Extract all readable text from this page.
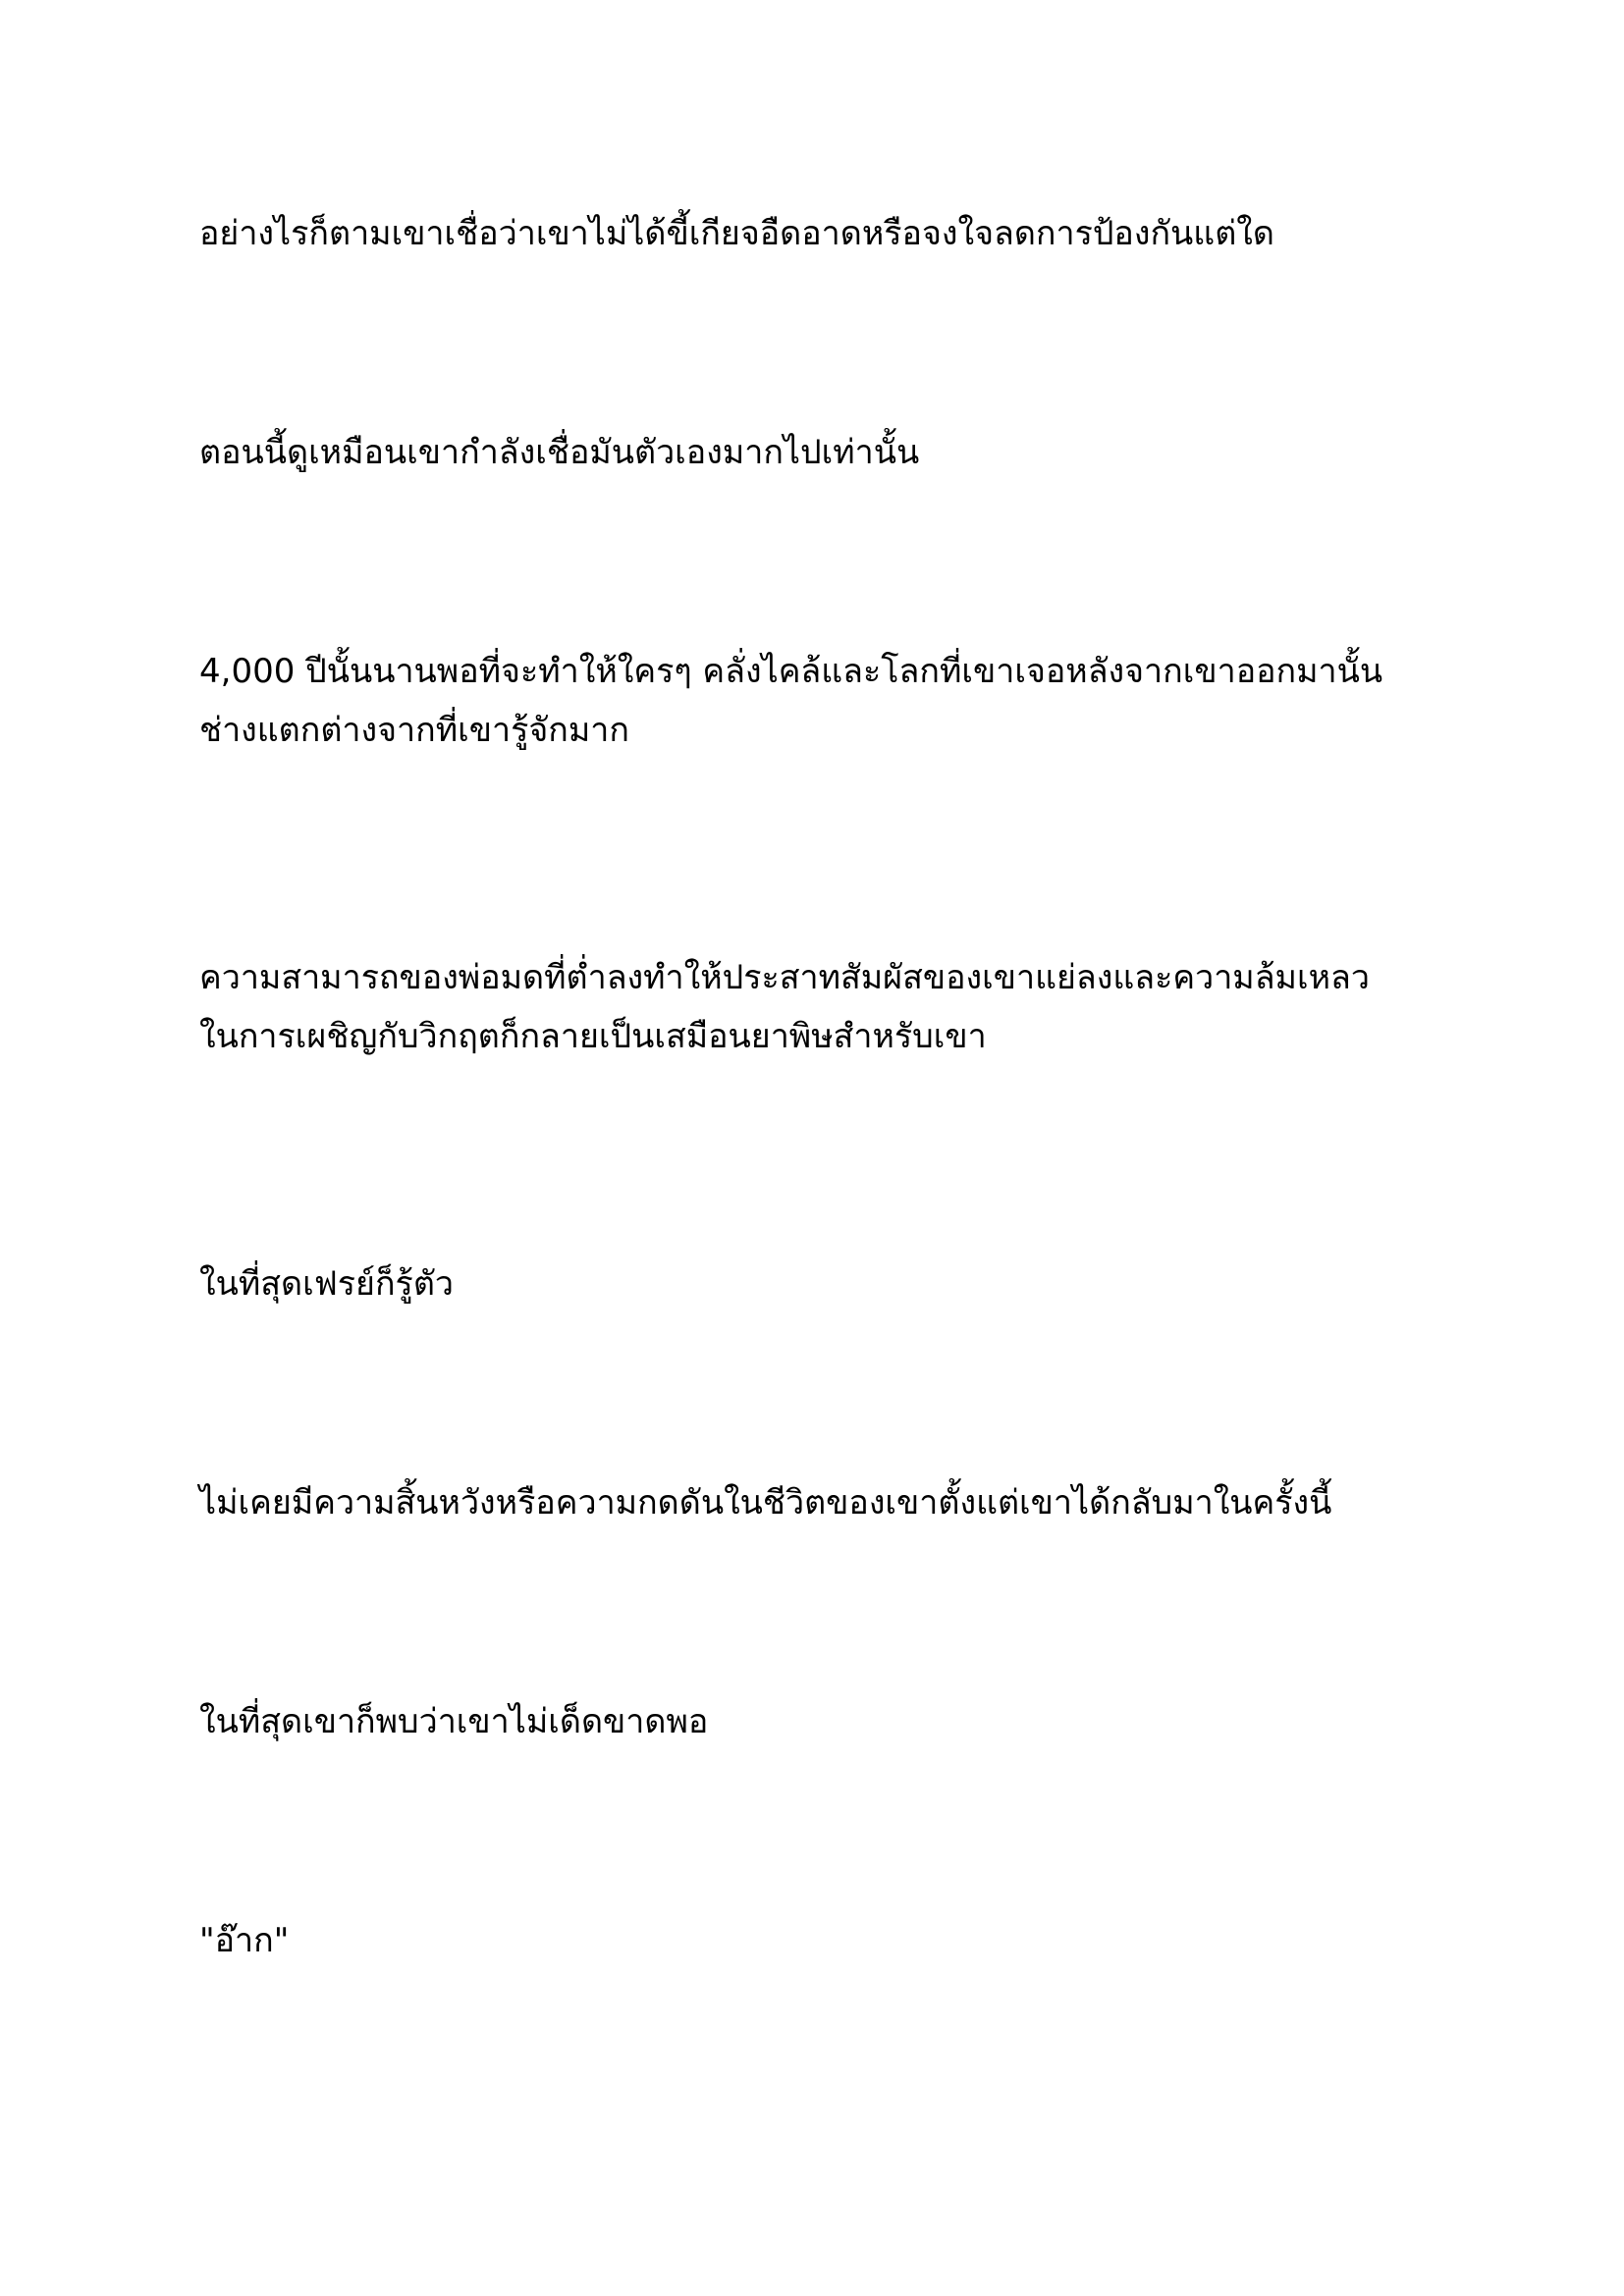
อย่างไรก็ตามเขาเชื่อว่าเขาไม่ได้ขี้เกียจอืดอาดหรือจงใจลดการป้องกันแต่ใด

ตอนนี้ดูเหมือนเขากำลังเชื่อมันตัวเองมากไปเท่านั้น

4,000 ปีนั้นนานพอที่จะทำให้ใครๆ คลั่งไคล้และโลกที่เขาเจอหลังจากเขาออกมานั้น
ช่างแตกต่างจากที่เขารู้จักมาก

ความสามารถของพ่อมดที่ต่ำลงทำให้ประสาทสัมผัสของเขาแย่ลงและความล้มเหลว
ในการเผชิญกับวิกฤตก็กลายเป็นเสมือนยาพิษสำหรับเขา

ในที่สุดเฟรย์ก็รู้ตัว

ไม่เคยมีความสิ้นหวังหรือความกดดันในชีวิตของเขาตั้งแต่เขาได้กลับมาในครั้งนี้

ในที่สุดเขาก็พบว่าเขาไม่เด็ดขาดพอ

"อ๊าก"
